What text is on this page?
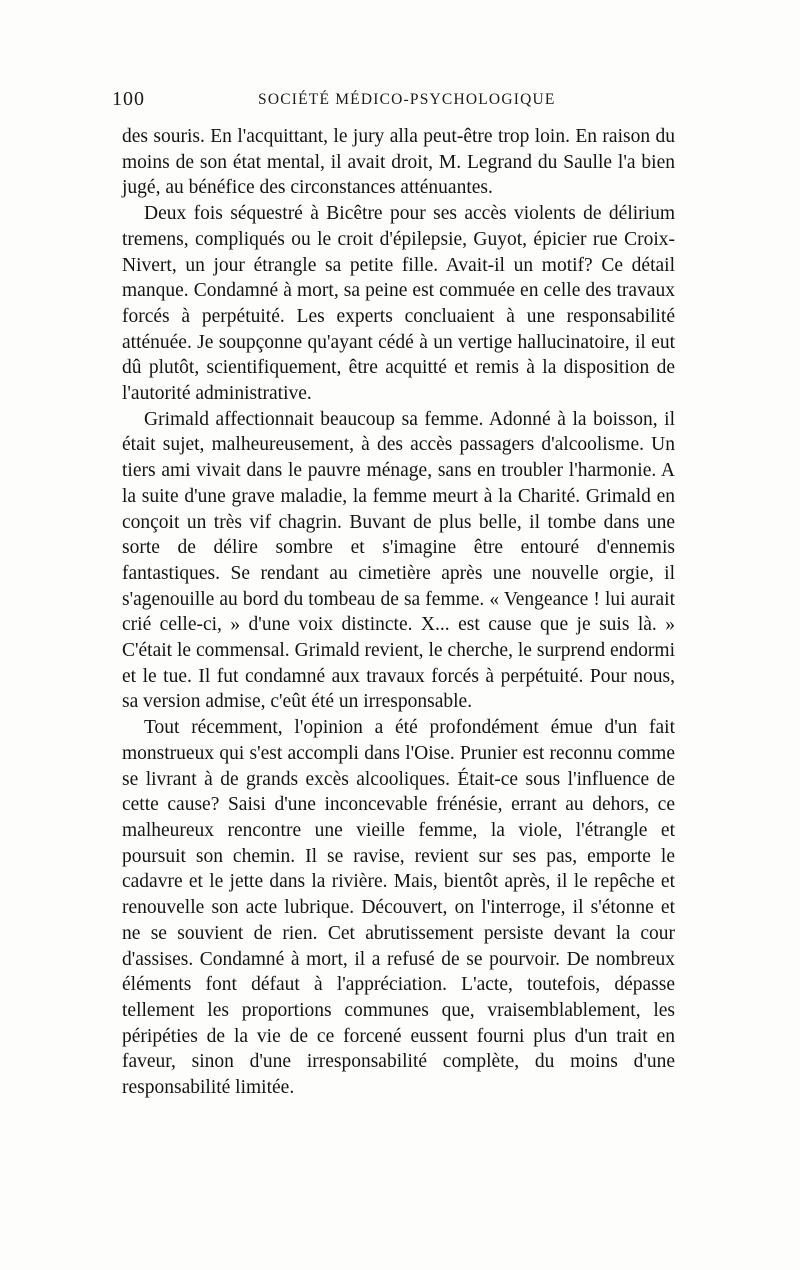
100	SOCIÉTÉ MÉDICO-PSYCHOLOGIQUE

des souris. En l'acquittant, le jury alla peut-être trop loin. En raison du moins de son état mental, il avait droit, M. Legrand du Saulle l'a bien jugé, au bénéfice des circonstances atténuantes.

Deux fois séquestré à Bicêtre pour ses accès violents de délirium tremens, compliqués ou le croit d'épilepsie, Guyot, épicier rue Croix-Nivert, un jour étrangle sa petite fille. Avait-il un motif? Ce détail manque. Condamné à mort, sa peine est commuée en celle des travaux forcés à perpétuité. Les experts concluaient à une responsabilité atténuée. Je soupçonne qu'ayant cédé à un vertige hallucinatoire, il eut dû plutôt, scientifiquement, être acquitté et remis à la disposition de l'autorité administrative.

Grimald affectionnait beaucoup sa femme. Adonné à la boisson, il était sujet, malheureusement, à des accès passagers d'alcoolisme. Un tiers ami vivait dans le pauvre ménage, sans en troubler l'harmonie. A la suite d'une grave maladie, la femme meurt à la Charité. Grimald en conçoit un très vif chagrin. Buvant de plus belle, il tombe dans une sorte de délire sombre et s'imagine être entouré d'ennemis fantastiques. Se rendant au cimetière après une nouvelle orgie, il s'agenouille au bord du tombeau de sa femme. « Vengeance ! lui aurait crié celle-ci, » d'une voix distincte. X... est cause que je suis là. » C'était le commensal. Grimald revient, le cherche, le surprend endormi et le tue. Il fut condamné aux travaux forcés à perpétuité. Pour nous, sa version admise, c'eût été un irresponsable.

Tout récemment, l'opinion a été profondément émue d'un fait monstrueux qui s'est accompli dans l'Oise. Prunier est reconnu comme se livrant à de grands excès alcooliques. Était-ce sous l'influence de cette cause? Saisi d'une inconcevable frénésie, errant au dehors, ce malheureux rencontre une vieille femme, la viole, l'étrangle et poursuit son chemin. Il se ravise, revient sur ses pas, emporte le cadavre et le jette dans la rivière. Mais, bientôt après, il le repêche et renouvelle son acte lubrique. Découvert, on l'interroge, il s'étonne et ne se souvient de rien. Cet abrutissement persiste devant la cour d'assises. Condamné à mort, il a refusé de se pourvoir. De nombreux éléments font défaut à l'appréciation. L'acte, toutefois, dépasse tellement les proportions communes que, vraisemblablement, les péripéties de la vie de ce forcené eussent fourni plus d'un trait en faveur, sinon d'une irresponsabilité complète, du moins d'une responsabilité limitée.
